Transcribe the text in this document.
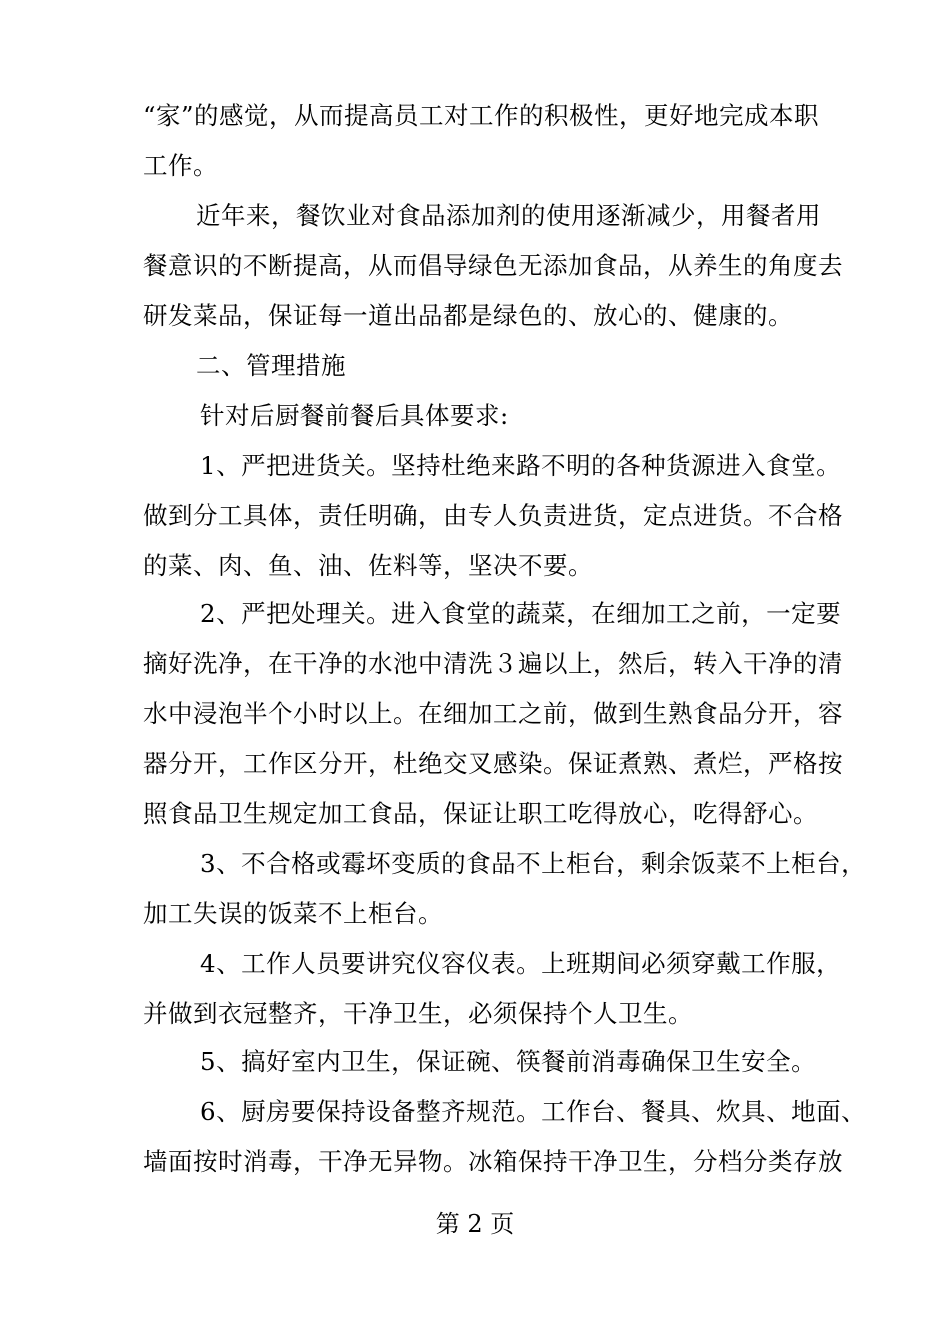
“家”的感觉，从而提高员工对工作的积极性，更好地完成本职
工作。
近年来，餐饮业对食品添加剂的使用逐渐减少，用餐者用
餐意识的不断提高，从而倡导绿色无添加食品，从养生的角度去
研发菜品，保证每一道出品都是绿色的、放心的、健康的。
二、管理措施
针对后厨餐前餐后具体要求:
1、严把进货关。坚持杜绝来路不明的各种货源进入食堂。
做到分工具体，责任明确，由专人负责进货，定点进货。不合格
的菜、肉、鱼、油、佐料等，坚决不要。
2、严把处理关。进入食堂的蔬菜，在细加工之前，一定要
摘好洗净，在干净的水池中清洗３遍以上，然后，转入干净的清
水中浸泡半个小时以上。在细加工之前，做到生熟食品分开，容
器分开，工作区分开，杜绝交叉感染。保证煮熟、煮烂，严格按
照食品卫生规定加工食品，保证让职工吃得放心，吃得舒心。
3、不合格或霉坏变质的食品不上柜台，剩余饭菜不上柜台，
加工失误的饭菜不上柜台。
4、工作人员要讲究仪容仪表。上班期间必须穿戴工作服，
并做到衣冠整齐，干净卫生，必须保持个人卫生。
5、搞好室内卫生，保证碗、筷餐前消毒确保卫生安全。
6、厨房要保持设备整齐规范。工作台、餐具、炊具、地面、
墙面按时消毒，干净无异物。冰箱保持干净卫生，分档分类存放
第 2 页
